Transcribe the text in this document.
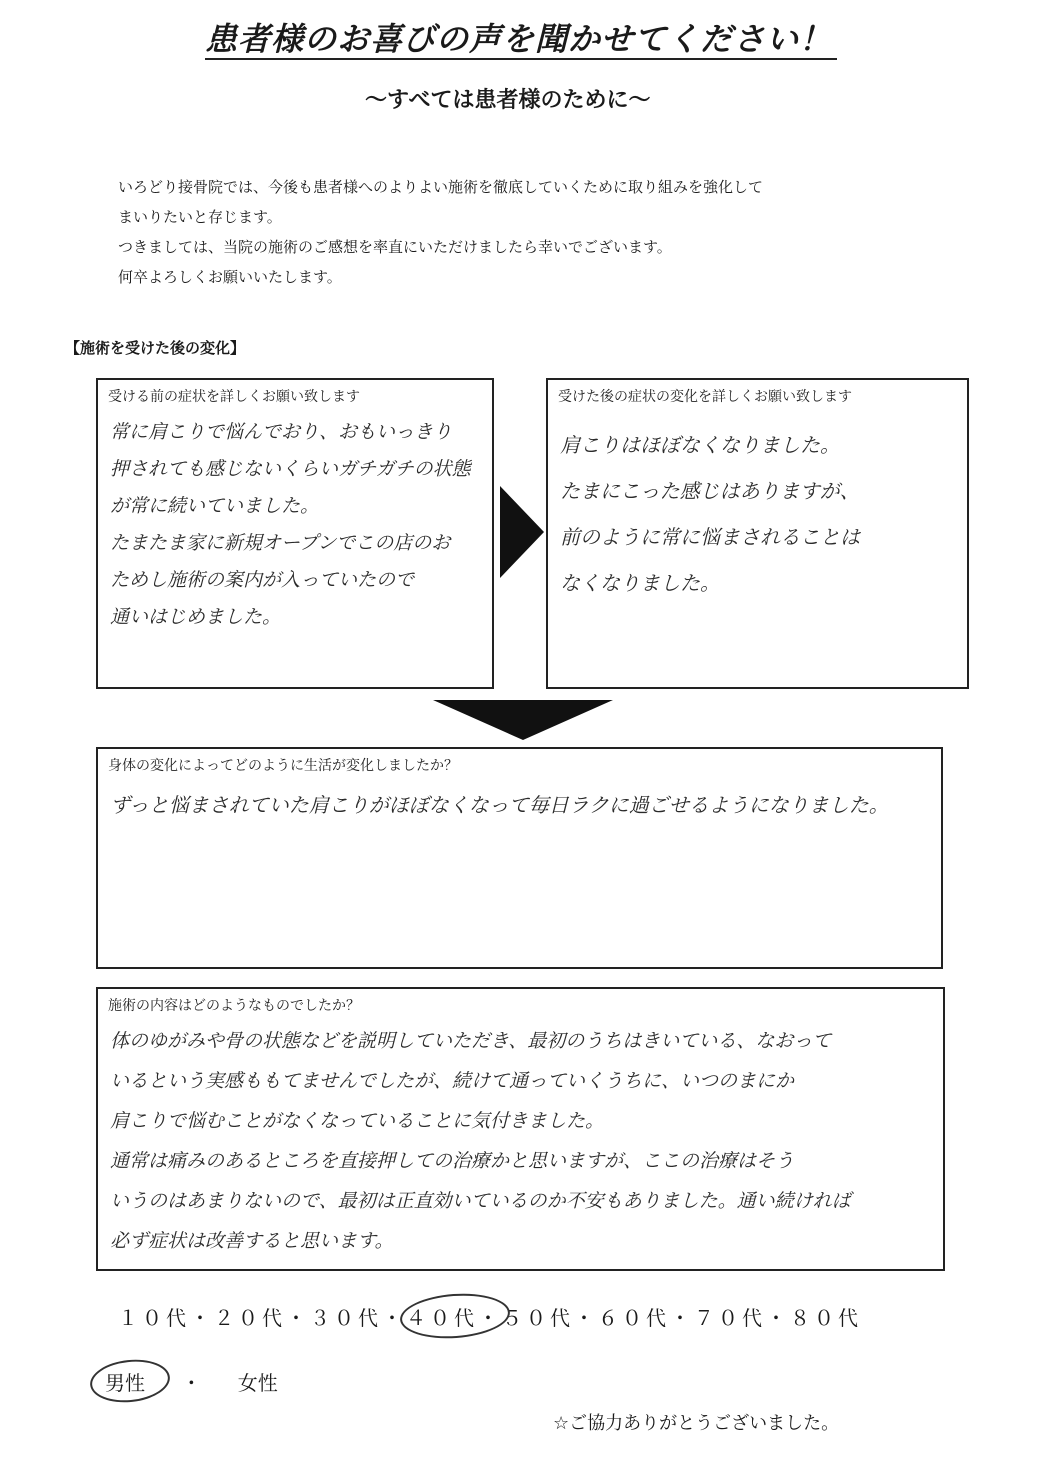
患者様のお喜びの声を聞かせてください！
～すべては患者様のために～
いろどり接骨院では、今後も患者様へのよりよい施術を徹底していくために取り組みを強化して
まいりたいと存じます。
つきましては、当院の施術のご感想を率直にいただけましたら幸いでございます。
何卒よろしくお願いいたします。
【施術を受けた後の変化】
受ける前の症状を詳しくお願い致します
常に肩こりで悩んでおり、おもいっきり
押されても感じないくらいガチガチの状態
が常に続いていました。
たまたま家に新規オープンでこの店のお
ためし施術の案内が入っていたので
通いはじめました。
受けた後の症状の変化を詳しくお願い致します
肩こりはほぼなくなりました。
たまにこった感じはありますが、
前のように常に悩まされることは
なくなりました。
身体の変化によってどのように生活が変化しましたか？
ずっと悩まされていた肩こりがほぼなくなって毎日ラクに過ごせるようになりました。
施術の内容はどのようなものでしたか？
体のゆがみや骨の状態などを説明していただき、最初のうちはきいている、なおって
いるという実感ももてませんでしたが、続けて通っていくうちに、いつのまにか
肩こりで悩むことがなくなっていることに気付きました。
通常は痛みのあるところを直接押しての治療かと思いますが、ここの治療はそう
いうのはあまりないので、最初は正直効いているのか不安もありました。通い続ければ
必ず症状は改善すると思います。
１０代・２０代・３０代・４０代・５０代・６０代・７０代・８０代
男性 ・ 女性
☆ご協力ありがとうございました。
